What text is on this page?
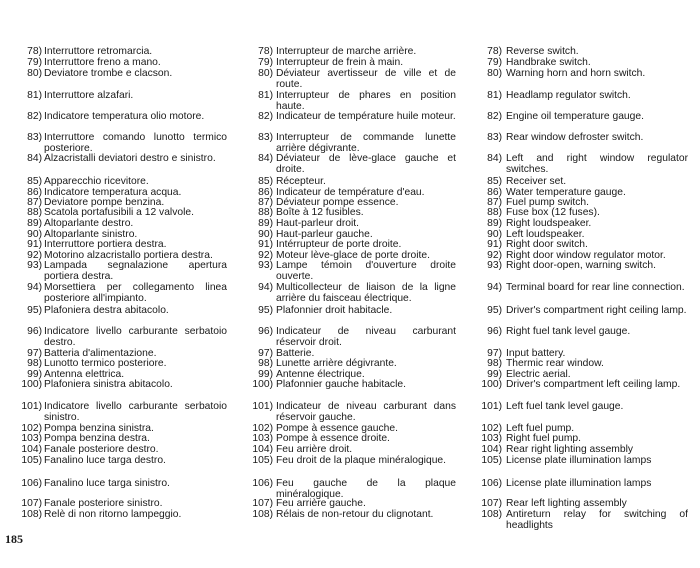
78) Interruttore retromarcia.
79) Interruttore freno a mano.
80) Deviatore trombe e clacson.
81) Interruttore alzafari.
82) Indicatore temperatura olio motore.
83) Interruttore comando lunotto termico posteriore.
84) Alzacristalli deviatori destro e sinistro.
85) Apparecchio ricevitore.
86) Indicatore temperatura acqua.
87) Deviatore pompe benzina.
88) Scatola portafusibili a 12 valvole.
89) Altoparlante destro.
90) Altoparlante sinistro.
91) Interruttore portiera destra.
92) Motorino alzacristallo portiera destra.
93) Lampada segnalazione apertura portiera destra.
94) Morsettiera per collegamento linea posteriore all'impianto.
95) Plafoniera destra abitacolo.
96) Indicatore livello carburante serbatoio destro.
97) Batteria d'alimentazione.
98) Lunotto termico posteriore.
99) Antenna elettrica.
100) Plafoniera sinistra abitacolo.
101) Indicatore livello carburante serbatoio sinistro.
102) Pompa benzina sinistra.
103) Pompa benzina destra.
104) Fanale posteriore destro.
105) Fanalino luce targa destro.
106) Fanalino luce targa sinistro.
107) Fanale posteriore sinistro.
108) Relè di non ritorno lampeggio.
78) Interrupteur de marche arrière.
79) Interrupteur de frein à main.
80) Déviateur avertisseur de ville et de route.
81) Interrupteur de phares en position haute.
82) Indicateur de température huile moteur.
83) Interrupteur de commande lunette arrière dégivrante.
84) Déviateur de lève-glace gauche et droite.
85) Récepteur.
86) Indicateur de température d'eau.
87) Déviateur pompe essence.
88) Boîte à 12 fusibles.
89) Haut-parleur droit.
90) Haut-parleur gauche.
91) Intérrupteur de porte droite.
92) Moteur lève-glace de porte droite.
93) Lampe témoin d'ouverture droite ouverte.
94) Multicollecteur de liaison de la ligne arrière du faisceau électrique.
95) Plafonnier droit habitacle.
96) Indicateur de niveau carburant réservoir droit.
97) Batterie.
98) Lunette arrière dégivrante.
99) Antenne électrique.
100) Plafonnier gauche habitacle.
101) Indicateur de niveau carburant dans réservoir gauche.
102) Pompe à essence gauche.
103) Pompe à essence droite.
104) Feu arrière droit.
105) Feu droit de la plaque minéralogique.
106) Feu gauche de la plaque minéralogique.
107) Feu arrière gauche.
108) Rélais de non-retour du clignotant.
78) Reverse switch.
79) Handbrake switch.
80) Warning horn and horn switch.
81) Headlamp regulator switch.
82) Engine oil temperature gauge.
83) Rear window defroster switch.
84) Left and right window regulator switches.
85) Receiver set.
86) Water temperature gauge.
87) Fuel pump switch.
88) Fuse box (12 fuses).
89) Right loudspeaker.
90) Left loudspeaker.
91) Right door switch.
92) Right door window regulator motor.
93) Right door-open, warning switch.
94) Terminal board for rear line connection.
95) Driver's compartment right ceiling lamp.
96) Right fuel tank level gauge.
97) Input battery.
98) Thermic rear window.
99) Electric aerial.
100) Driver's compartment left ceiling lamp.
101) Left fuel tank level gauge.
102) Left fuel pump.
103) Right fuel pump.
104) Rear right lighting assembly
105) License plate illumination lamps
106) License plate illumination lamps
107) Rear left lighting assembly
108) Antireturn relay for switching of headlights
185
